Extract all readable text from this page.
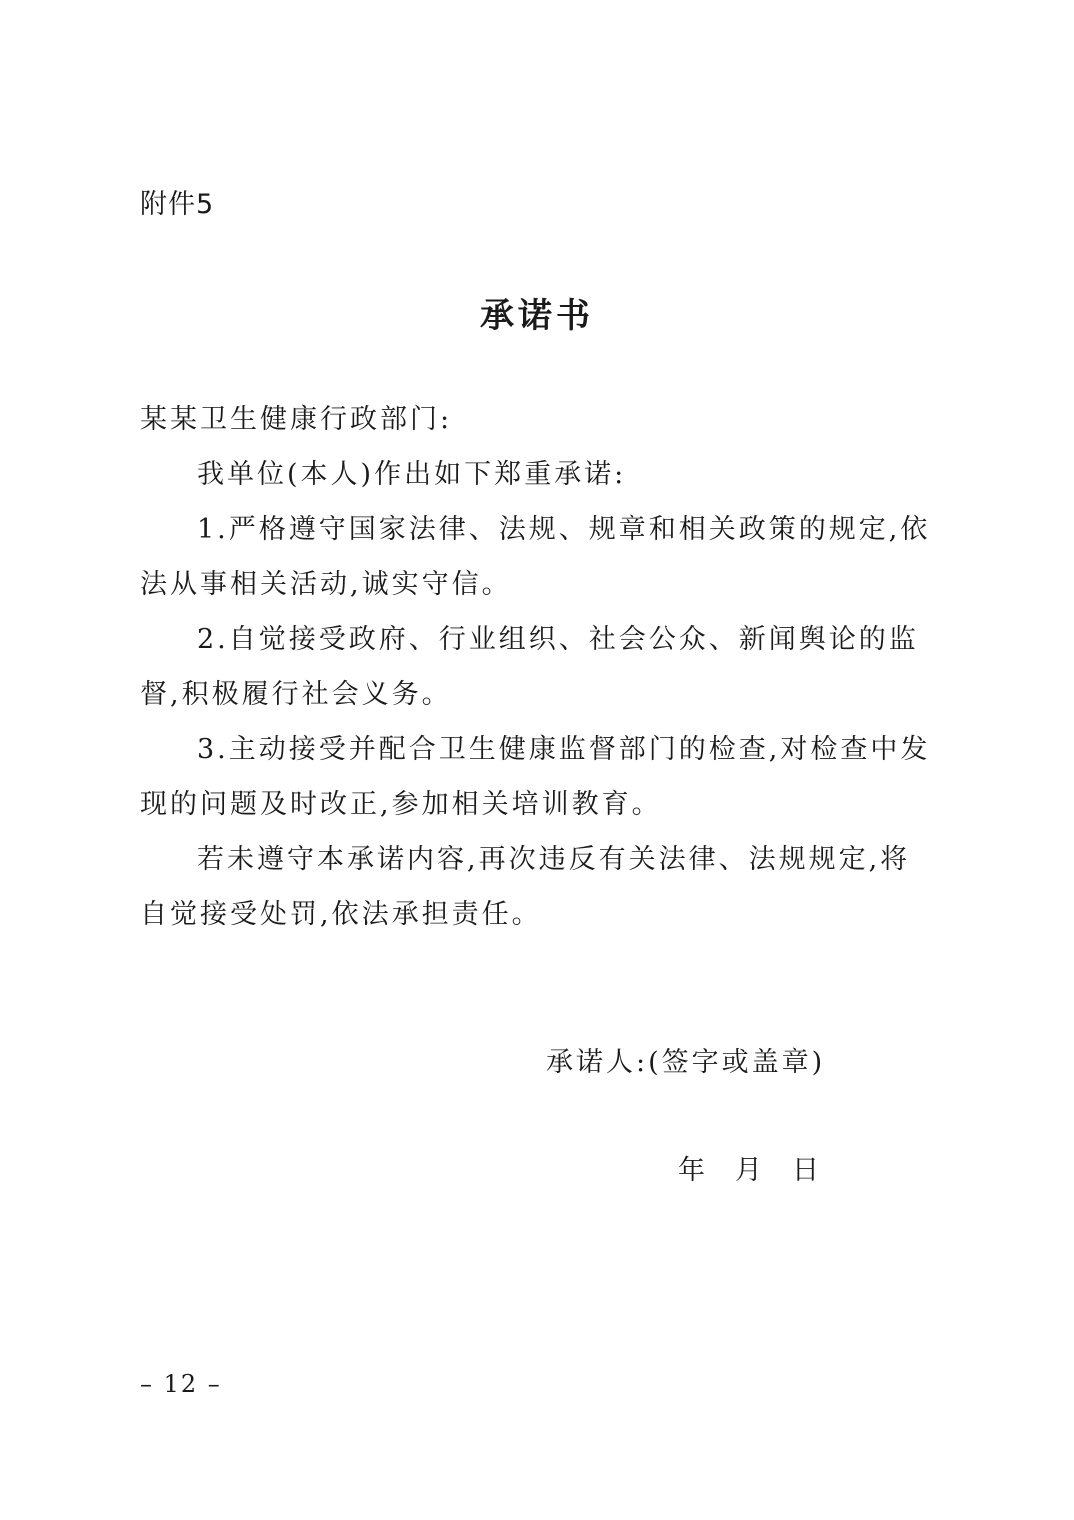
附件5
承诺书

某某卫生健康行政部门:

我单位(本人)作出如下郑重承诺:

1.严格遵守国家法律、法规、规章和相关政策的规定,依法从事相关活动,诚实守信。

2.自觉接受政府、行业组织、社会公众、新闻舆论的监督,积极履行社会义务。

3.主动接受并配合卫生健康监督部门的检查,对检查中发现的问题及时改正,参加相关培训教育。

若未遵守本承诺内容,再次违反有关法律、法规规定,将自觉接受处罚,依法承担责任。

承诺人:(签字或盖章)
年 月 日
– 12 –
